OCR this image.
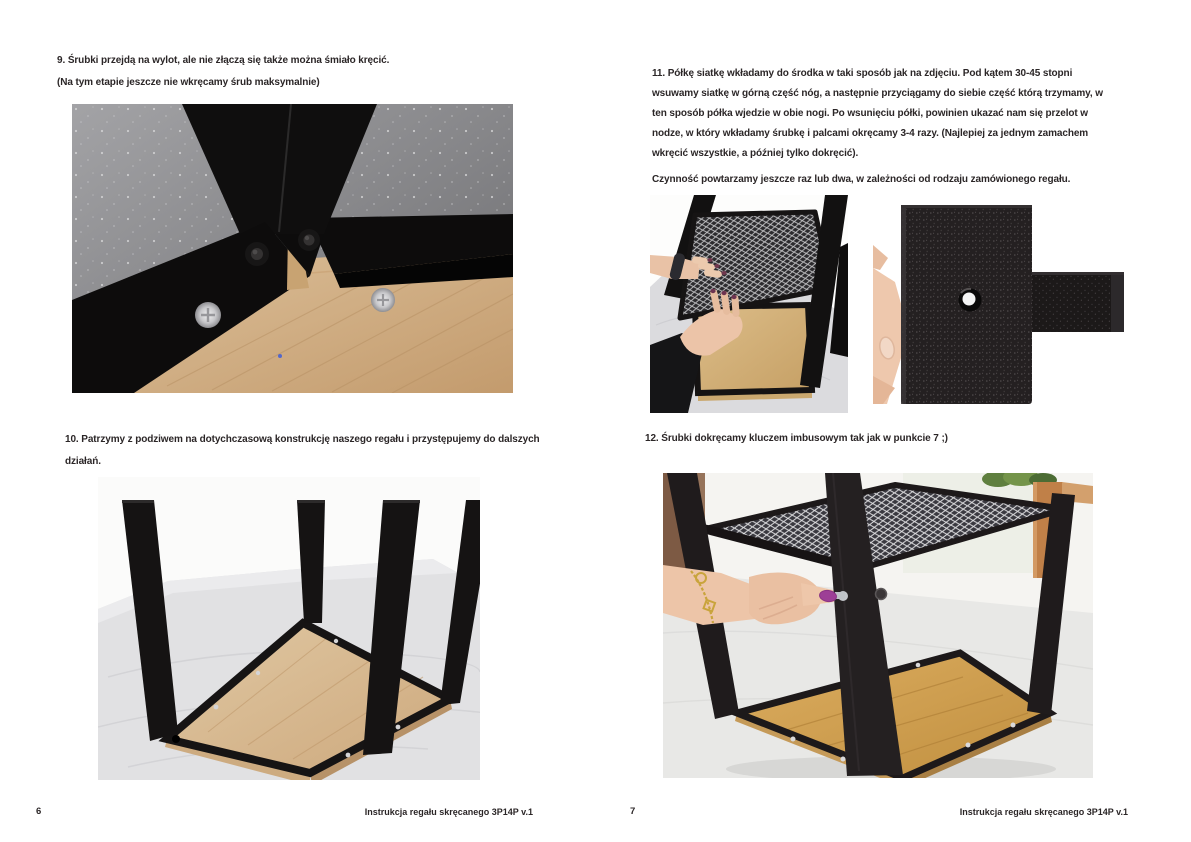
9. Śrubki przejdą na wylot, ale nie złączą się także można śmiało kręcić.
(Na tym etapie jeszcze nie wkręcamy śrub maksymalnie)
10. Patrzymy z podziwem na dotychczasową konstrukcję naszego regału i przystępujemy do dalszych działań.
6	Instrukcja regału skręcanego 3P14P v.1
11. Półkę siatkę wkładamy do środka w taki sposób jak na zdjęciu. Pod kątem 30-45 stopni wsuwamy siatkę w górną część nóg, a następnie przyciągamy do siebie część którą trzymamy, w ten sposób półka wjedzie w obie nogi. Po wsunięciu półki, powinien ukazać nam się przelot w nodze, w który wkładamy śrubkę i palcami okręcamy 3-4 razy. (Najlepiej za jednym zamachem wkręcić wszystkie, a później tylko dokręcić).
Czynność powtarzamy jeszcze raz lub dwa, w zależności od rodzaju zamówionego regału.
12. Śrubki dokręcamy kluczem imbusowym tak jak w punkcie 7 ;)
7	Instrukcja regału skręcanego 3P14P v.1
